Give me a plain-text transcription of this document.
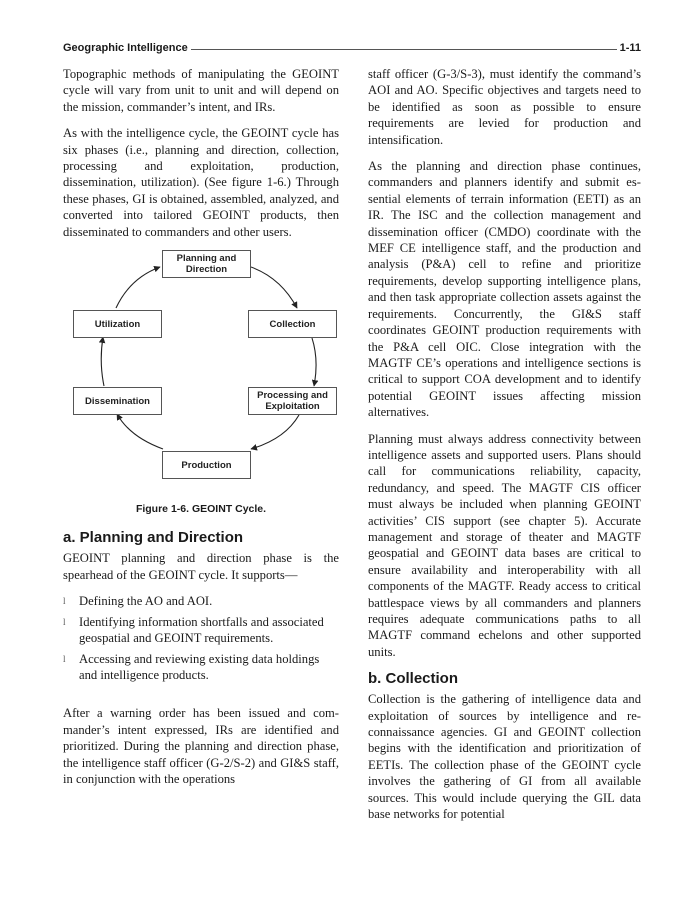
Geographic Intelligence	1-11

Topographic methods of manipulating the GEOINT cycle will vary from unit to unit and will depend on the mission, commander’s intent, and IRs.

As with the intelligence cycle, the GEOINT cycle has six phases (i.e., planning and direction, collection, processing and exploitation, production, dissemination, utilization). (See figure 1-6.) Through these phases, GI is obtained, assembled, analyzed, and converted into tailored GEOINT products, then disseminated to commanders and other users.

Planning and Direction
Utilization	Collection
Dissemination	Processing and Exploitation
Production
Figure 1-6. GEOINT Cycle.
a. Planning and Direction

GEOINT planning and direction phase is the spearhead of the GEOINT cycle. It supports—

l Defining the AO and AOI.
l Identifying information shortfalls and associated geospatial and GEOINT requirements.
l Accessing and reviewing existing data holdings and intelligence products.

After a warning order has been issued and commander’s intent expressed, IRs are identified and prioritized. During the planning and direction phase, the intelligence staff officer (G-2/S-2) and GI&S staff, in conjunction with the operations

staff officer (G-3/S-3), must identify the command’s AOI and AO. Specific objectives and targets need to be identified as soon as possible to ensure requirements are levied for production and intensification.

As the planning and direction phase continues, commanders and planners identify and submit essential elements of terrain information (EETI) as an IR. The ISC and the collection management and dissemination officer (CMDO) coordinate with the MEF CE intelligence staff, and the production and analysis (P&A) cell to refine and prioritize requirements, develop supporting intelligence plans, and then task appropriate collection assets against the requirements. Concurrently, the GI&S staff coordinates GEOINT production requirements with the P&A cell OIC. Close integration with the MAGTF CE’s operations and intelligence sections is critical to support COA development and to identify potential GEOINT issues affecting mission alternatives.

Planning must always address connectivity between intelligence assets and supported users. Plans should call for communications reliability, capacity, redundancy, and speed. The MAGTF CIS officer must always be included when planning GEOINT activities’ CIS support (see chapter 5). Accurate management and storage of theater and MAGTF geospatial and GEOINT data bases are critical to ensure availability and interoperability with all components of the MAGTF. Ready access to critical battlespace views by all commanders and planners requires adequate communications paths to all MAGTF command echelons and other supported units.

b. Collection

Collection is the gathering of intelligence data and exploitation of sources by intelligence and reconnaissance agencies. GI and GEOINT collection begins with the identification and prioritization of EETIs. The collection phase of the GEOINT cycle involves the gathering of GI from all available sources. This would include querying the GIL data base networks for potential
